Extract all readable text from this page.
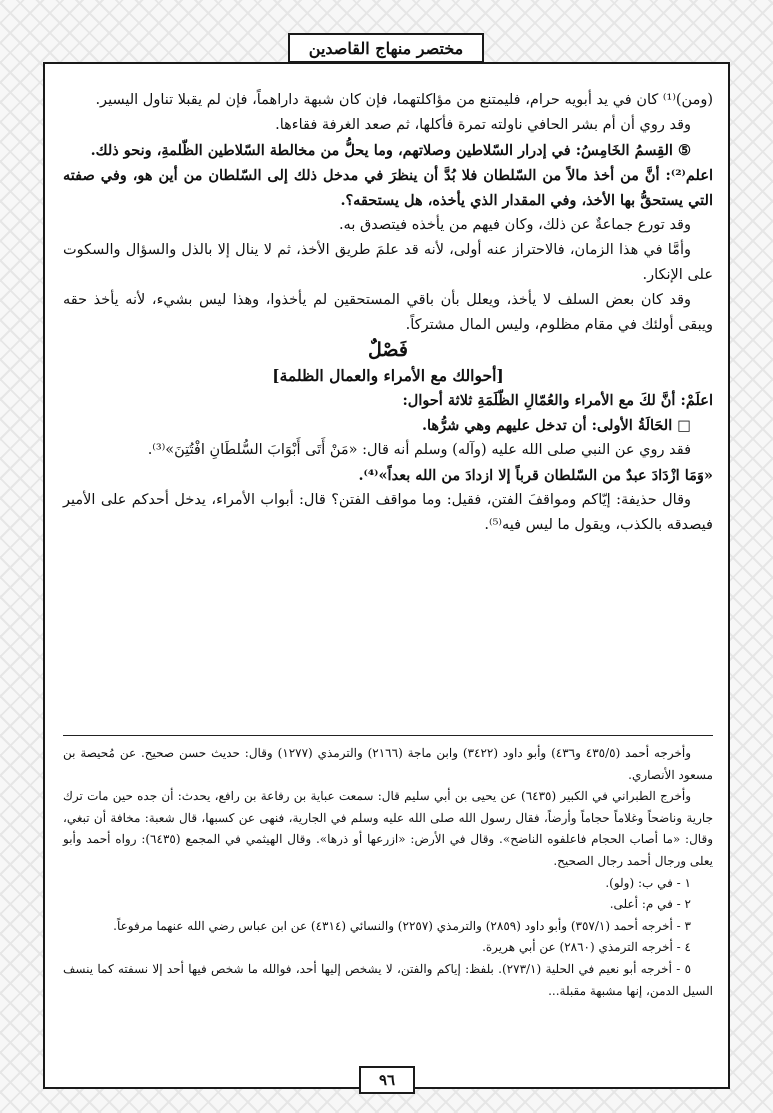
مختصر منهاج القاصدين

(ومن)⁽¹⁾ كان في يد أبويه حرام، فليمتنع من مؤاكلتهما، فإن كان شبهة داراهماً، فإن لم يقبلا تناول اليسير.

وقد روي أن أم بشر الحافي ناولته تمرة فأكلها، ثم صعد الغرفة فقاءها.

⑤ القِسمُ الخَامِسُ: في إدرار السّلاطين وصلاتهم، وما يحلُّ من مخالطة السّلاطين الظّلمةِ، ونحو ذلك.

اعلم⁽²⁾: أنَّ من أخذ مالاً من السّلطان فلا بُدَّ أن ينظرَ في مدخل ذلك إلى السّلطان من أين هو، وفي صفته التي يستحقُّ بها الأخذ، وفي المقدار الذي يأخذه، هل يستحقه؟.

وقد تورع جماعةٌ عن ذلك، وكان فيهم من يأخذه فيتصدق به.

وأمَّا في هذا الزمان، فالاحتراز عنه أولى، لأنه قد علمَ طريق الأخذ، ثم لا ينال إلا بالذل والسؤال والسكوت على الإنكار.

وقد كان بعض السلف لا يأخذ، ويعلل بأن باقي المستحقين لم يأخذوا، وهذا ليس بشيء، لأنه يأخذ حقه ويبقى أولئك في مقام مظلوم، وليس المال مشتركاً.

فَصْلٌ

[أحوالك مع الأمراء والعمال الظلمة]

اعلَمْ: أنَّ لكَ مع الأمراء والعُمّالِ الظّلَمَةِ ثلاثة أحوال:

□ الحَالَةُ الأولى: أن تدخل عليهم وهي شرُّها.

فقد روي عن النبي صلى الله عليه (وآله) وسلم أنه قال: «مَنْ أَتَى أَبْوَابَ السُّلطَانِ افْتُتِنَ»⁽³⁾.

«وَمَا ازْدَادَ عبدٌ من السّلطان قرباً إلا ازدادَ من الله بعداً»⁽⁴⁾.

وقال حذيفة: إيّاكم ومواقفَ الفتن، فقيل: وما مواقف الفتن؟ قال: أبواب الأمراء، يدخل أحدكم على الأمير فيصدقه بالكذب، ويقول ما ليس فيه⁽⁵⁾.

وأخرجه أحمد (٤٣٥/٥ و٤٣٦) وأبو داود (٣٤٢٢) وابن ماجة (٢١٦٦) والترمذي (١٢٧٧) وقال: حديث حسن صحيح. عن مُحيصة بن مسعود الأنصاري.

وأخرج الطبراني في الكبير (٦٤٣٥) عن يحيى بن أبي سليم قال: سمعت عباية بن رفاعة بن رافع، يحدث: أن جده حين مات ترك جارية وناضحاً وغلاماً حجاماً وأرضاً، فقال رسول الله صلى الله عليه وسلم في الجارية، فنهى عن كسبها، قال شعبة: مخافة أن تبغي، وقال: «ما أصاب الحجام فاعلفوه الناضح». وقال في الأرض: «ازرعها أو ذرها». وقال الهيثمي في المجمع (٦٤٣٥): رواه أحمد وأبو يعلى ورجال أحمد رجال الصحيح.

١ - في ب: (ولو).

٢ - في م: أعلى.

٣ - أخرجه أحمد (٣٥٧/١) وأبو داود (٢٨٥٩) والترمذي (٢٢٥٧) والنسائي (٤٣١٤) عن ابن عباس رضي الله عنهما مرفوعاً.

٤ - أخرجه الترمذي (٢٨٦٠) عن أبي هريرة.

٥ - أخرجه أبو نعيم في الحلية (٢٧٣/١). بلفظ: إياكم والفتن، لا يشخص إليها أحد، فوالله ما شخص فيها أحد إلا نسفته كما ينسف السيل الدمن، إنها مشبهة مقبلة...

٩٦
